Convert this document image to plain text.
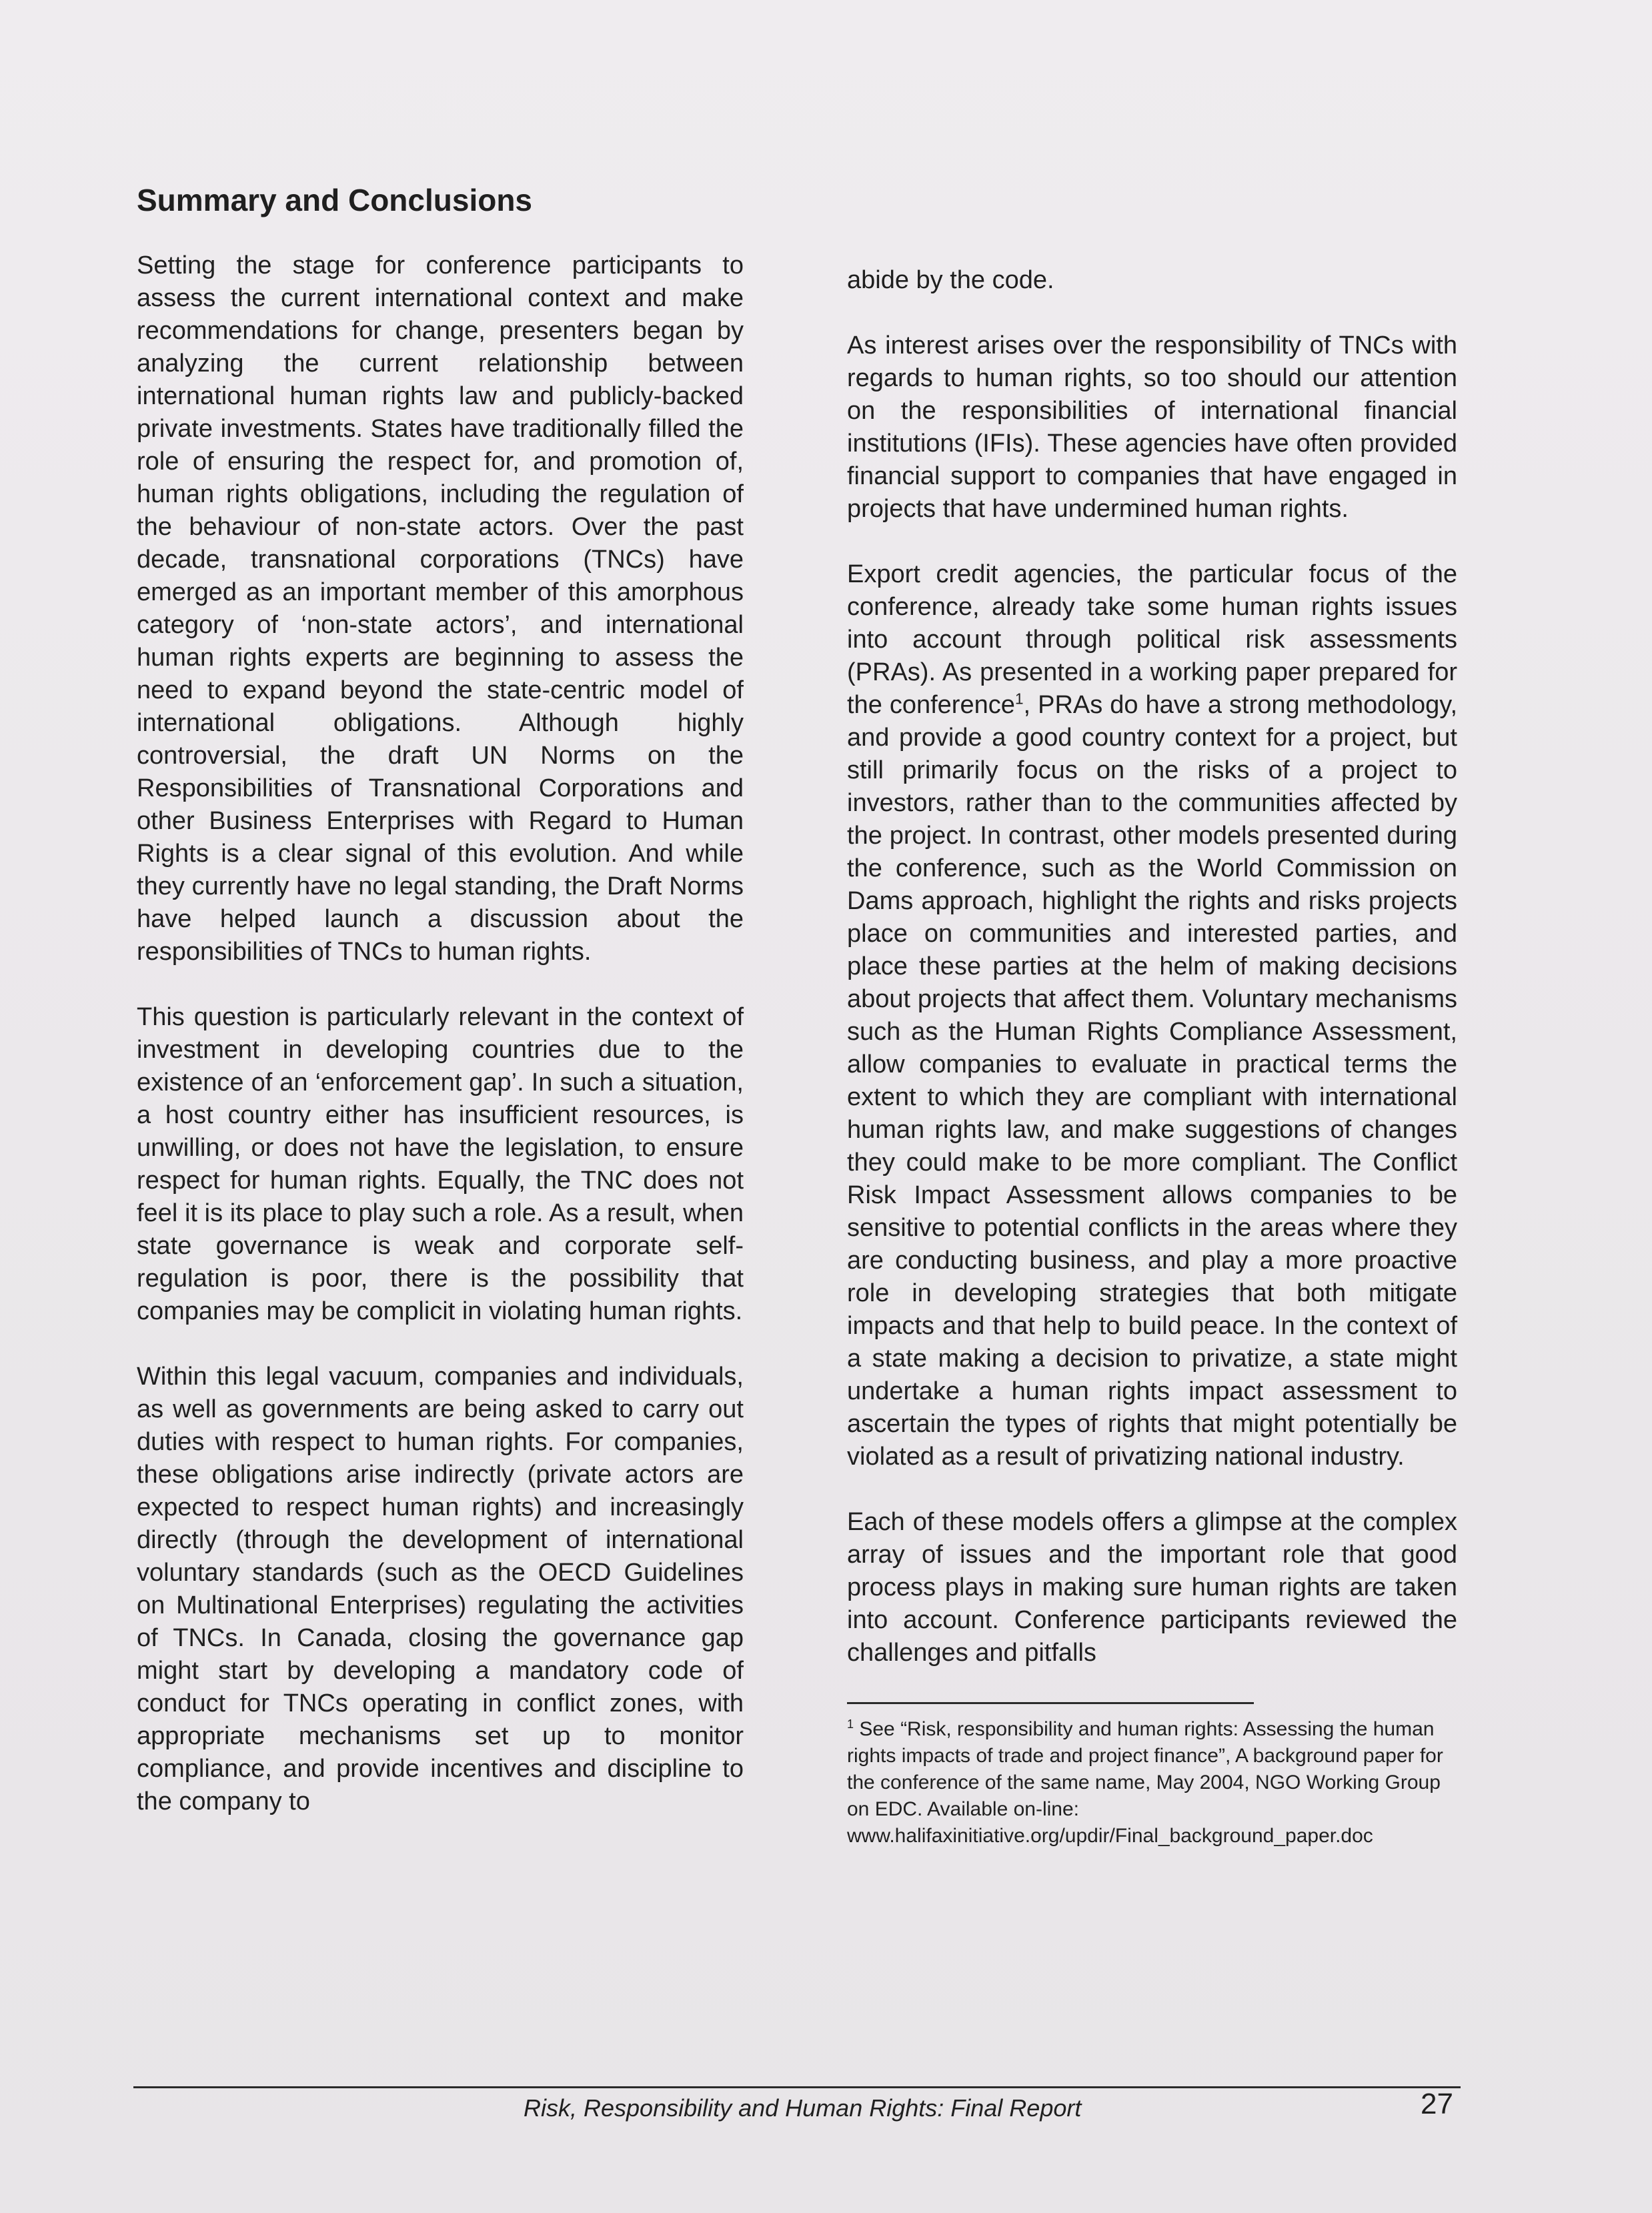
Summary and Conclusions

Setting the stage for conference participants to assess the current international context and make recommendations for change, presenters began by analyzing the current relationship between international human rights law and publicly-backed private investments. States have traditionally filled the role of ensuring the respect for, and promotion of, human rights obligations, including the regulation of the behaviour of non-state actors. Over the past decade, transnational corporations (TNCs) have emerged as an important member of this amorphous category of ‘non-state actors’, and international human rights experts are beginning to assess the need to expand beyond the state-centric model of international obligations. Although highly controversial, the draft UN Norms on the Responsibilities of Transnational Corporations and other Business Enterprises with Regard to Human Rights is a clear signal of this evolution. And while they currently have no legal standing, the Draft Norms have helped launch a discussion about the responsibilities of TNCs to human rights.

This question is particularly relevant in the context of investment in developing countries due to the existence of an ‘enforcement gap’. In such a situation, a host country either has insufficient resources, is unwilling, or does not have the legislation, to ensure respect for human rights. Equally, the TNC does not feel it is its place to play such a role. As a result, when state governance is weak and corporate self-regulation is poor, there is the possibility that companies may be complicit in violating human rights.

Within this legal vacuum, companies and individuals, as well as governments are being asked to carry out duties with respect to human rights. For companies, these obligations arise indirectly (private actors are expected to respect human rights) and increasingly directly (through the development of international voluntary standards (such as the OECD Guidelines on Multinational Enterprises) regulating the activities of TNCs. In Canada, closing the governance gap might start by developing a mandatory code of conduct for TNCs operating in conflict zones, with appropriate mechanisms set up to monitor compliance, and provide incentives and discipline to the company to

abide by the code.

As interest arises over the responsibility of TNCs with regards to human rights, so too should our attention on the responsibilities of international financial institutions (IFIs). These agencies have often provided financial support to companies that have engaged in projects that have undermined human rights.

Export credit agencies, the particular focus of the conference, already take some human rights issues into account through political risk assessments (PRAs). As presented in a working paper prepared for the conference$^1$, PRAs do have a strong methodology, and provide a good country context for a project, but still primarily focus on the risks of a project to investors, rather than to the communities affected by the project. In contrast, other models presented during the conference, such as the World Commission on Dams approach, highlight the rights and risks projects place on communities and interested parties, and place these parties at the helm of making decisions about projects that affect them. Voluntary mechanisms such as the Human Rights Compliance Assessment, allow companies to evaluate in practical terms the extent to which they are compliant with international human rights law, and make suggestions of changes they could make to be more compliant. The Conflict Risk Impact Assessment allows companies to be sensitive to potential conflicts in the areas where they are conducting business, and play a more proactive role in developing strategies that both mitigate impacts and that help to build peace. In the context of a state making a decision to privatize, a state might undertake a human rights impact assessment to ascertain the types of rights that might potentially be violated as a result of privatizing national industry.

Each of these models offers a glimpse at the complex array of issues and the important role that good process plays in making sure human rights are taken into account. Conference participants reviewed the challenges and pitfalls

$^1$ See “Risk, responsibility and human rights: Assessing the human rights impacts of trade and project finance”, A background paper for the conference of the same name, May 2004, NGO Working Group on EDC. Available on-line: www.halifaxinitiative.org/updir/Final_background_paper.doc
Risk, Responsibility and Human Rights: Final Report	27
